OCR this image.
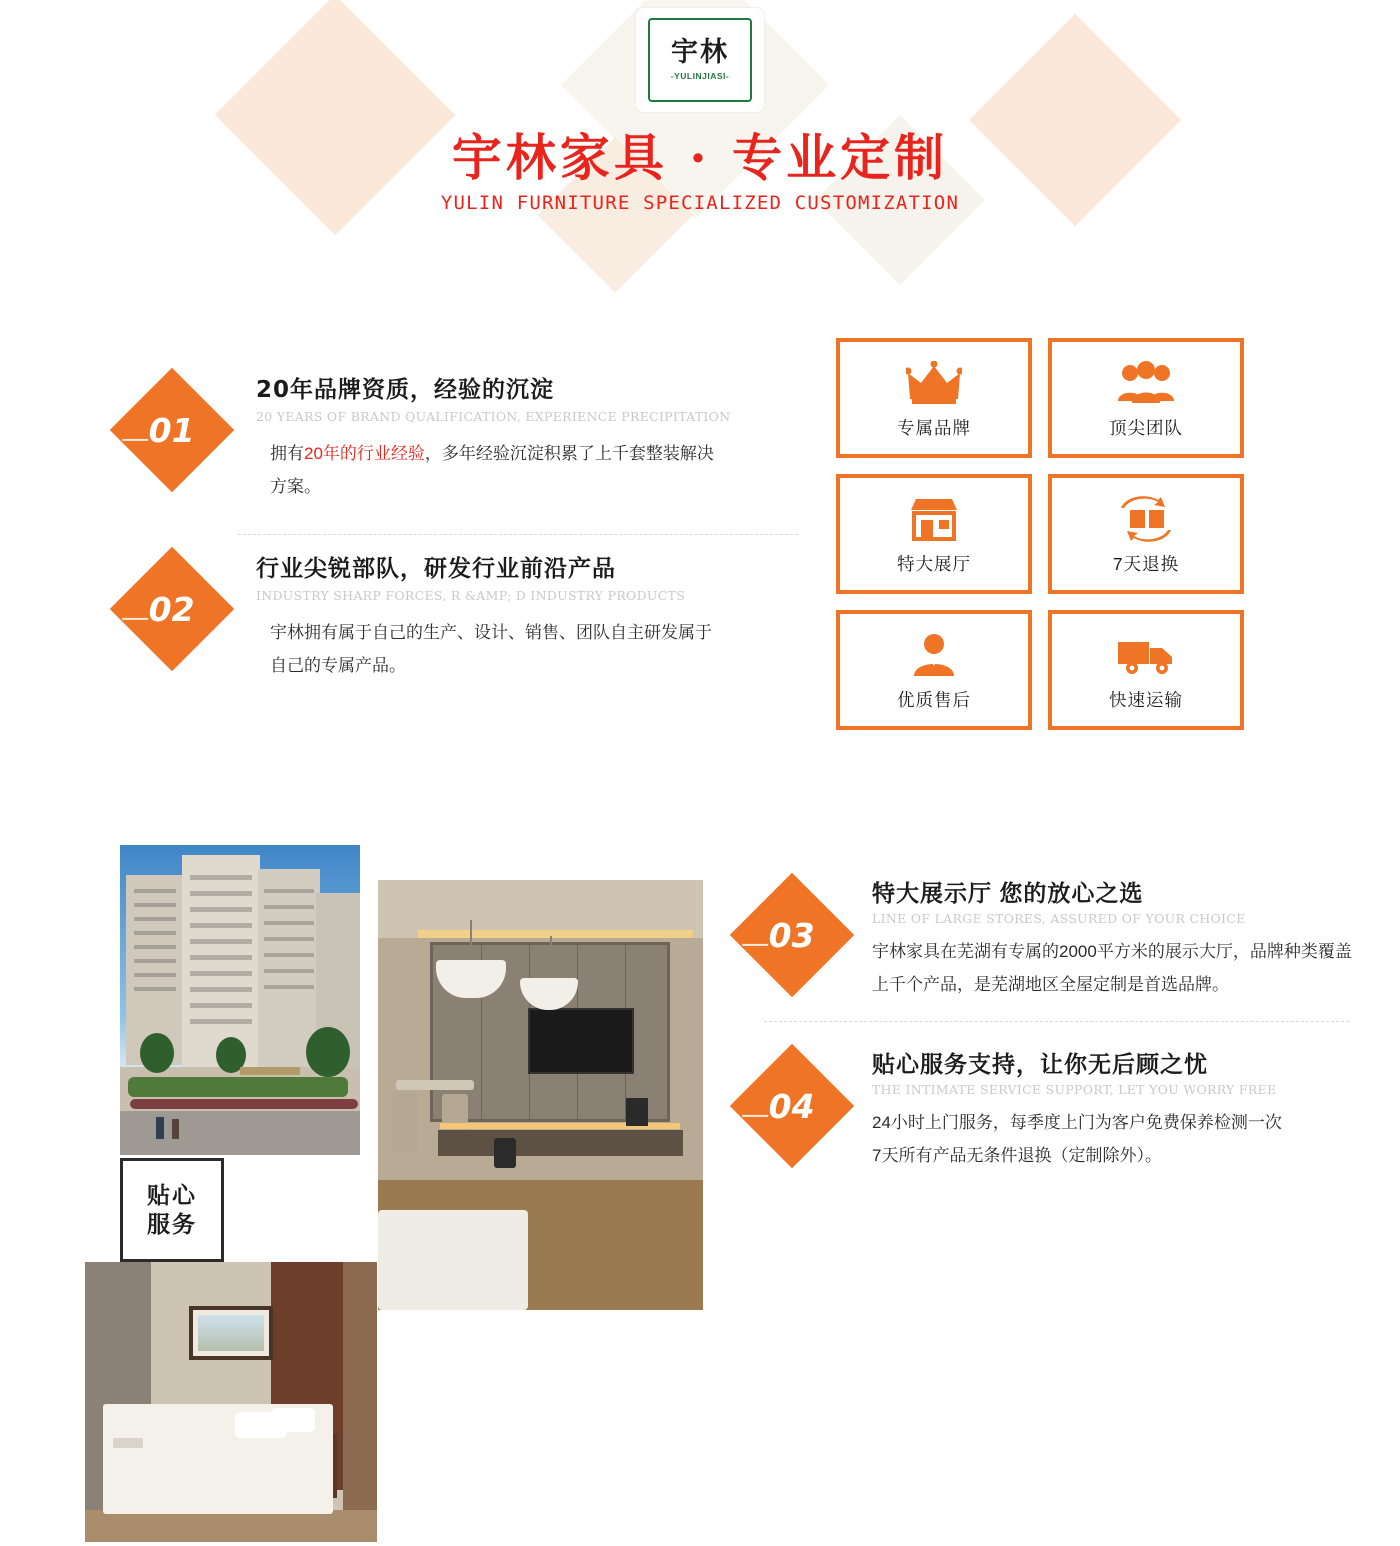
宇林
-YULINJIASI-
宇林家具 · 专业定制
YULIN FURNITURE SPECIALIZED CUSTOMIZATION
01
20年品牌资质，经验的沉淀
20 YEARS OF BRAND QUALIFICATION, EXPERIENCE PRECIPITATION
拥有20年的行业经验，多年经验沉淀积累了上千套整装解决方案。
02
行业尖锐部队，研发行业前沿产品
INDUSTRY SHARP FORCES, R &AMP; D INDUSTRY PRODUCTS
宇林拥有属于自己的生产、设计、销售、团队自主研发属于自己的专属产品。
专属品牌	顶尖团队
特大展厅	7天退换
优质售后	快速运输
贴心
服务
03
特大展示厅 您的放心之选
LINE OF LARGE STORES, ASSURED OF YOUR CHOICE
宇林家具在芜湖有专属的2000平方米的展示大厅，品牌种类覆盖上千个产品，是芜湖地区全屋定制是首选品牌。
04
贴心服务支持，让你无后顾之忧
THE INTIMATE SERVICE SUPPORT, LET YOU WORRY FREE
24小时上门服务，每季度上门为客户免费保养检测一次
7天所有产品无条件退换（定制除外）。
